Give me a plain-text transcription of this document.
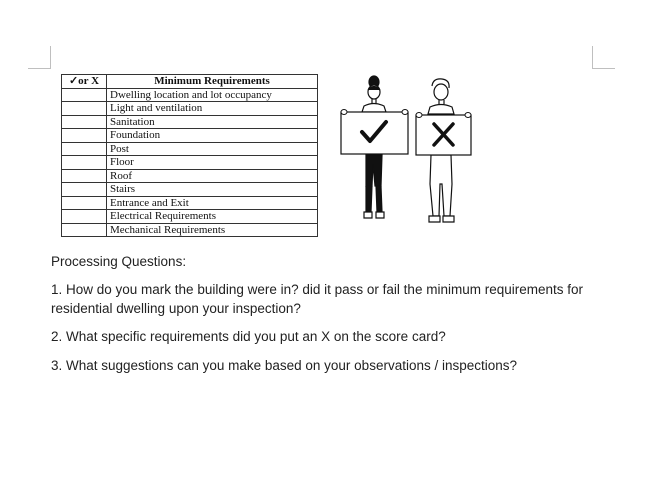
✓or X	Minimum Requirements
	Dwelling location and lot occupancy
	Light and ventilation
	Sanitation
	Foundation
	Post
	Floor
	Roof
	Stairs
	Entrance and Exit
	Electrical Requirements
	Mechanical Requirements
Processing Questions:
1. How do you mark the building were in? did it pass or fail the minimum requirements for residential dwelling upon your inspection?
2. What specific requirements did you put an X on the score card?
3. What suggestions can you make based on your observations / inspections?
